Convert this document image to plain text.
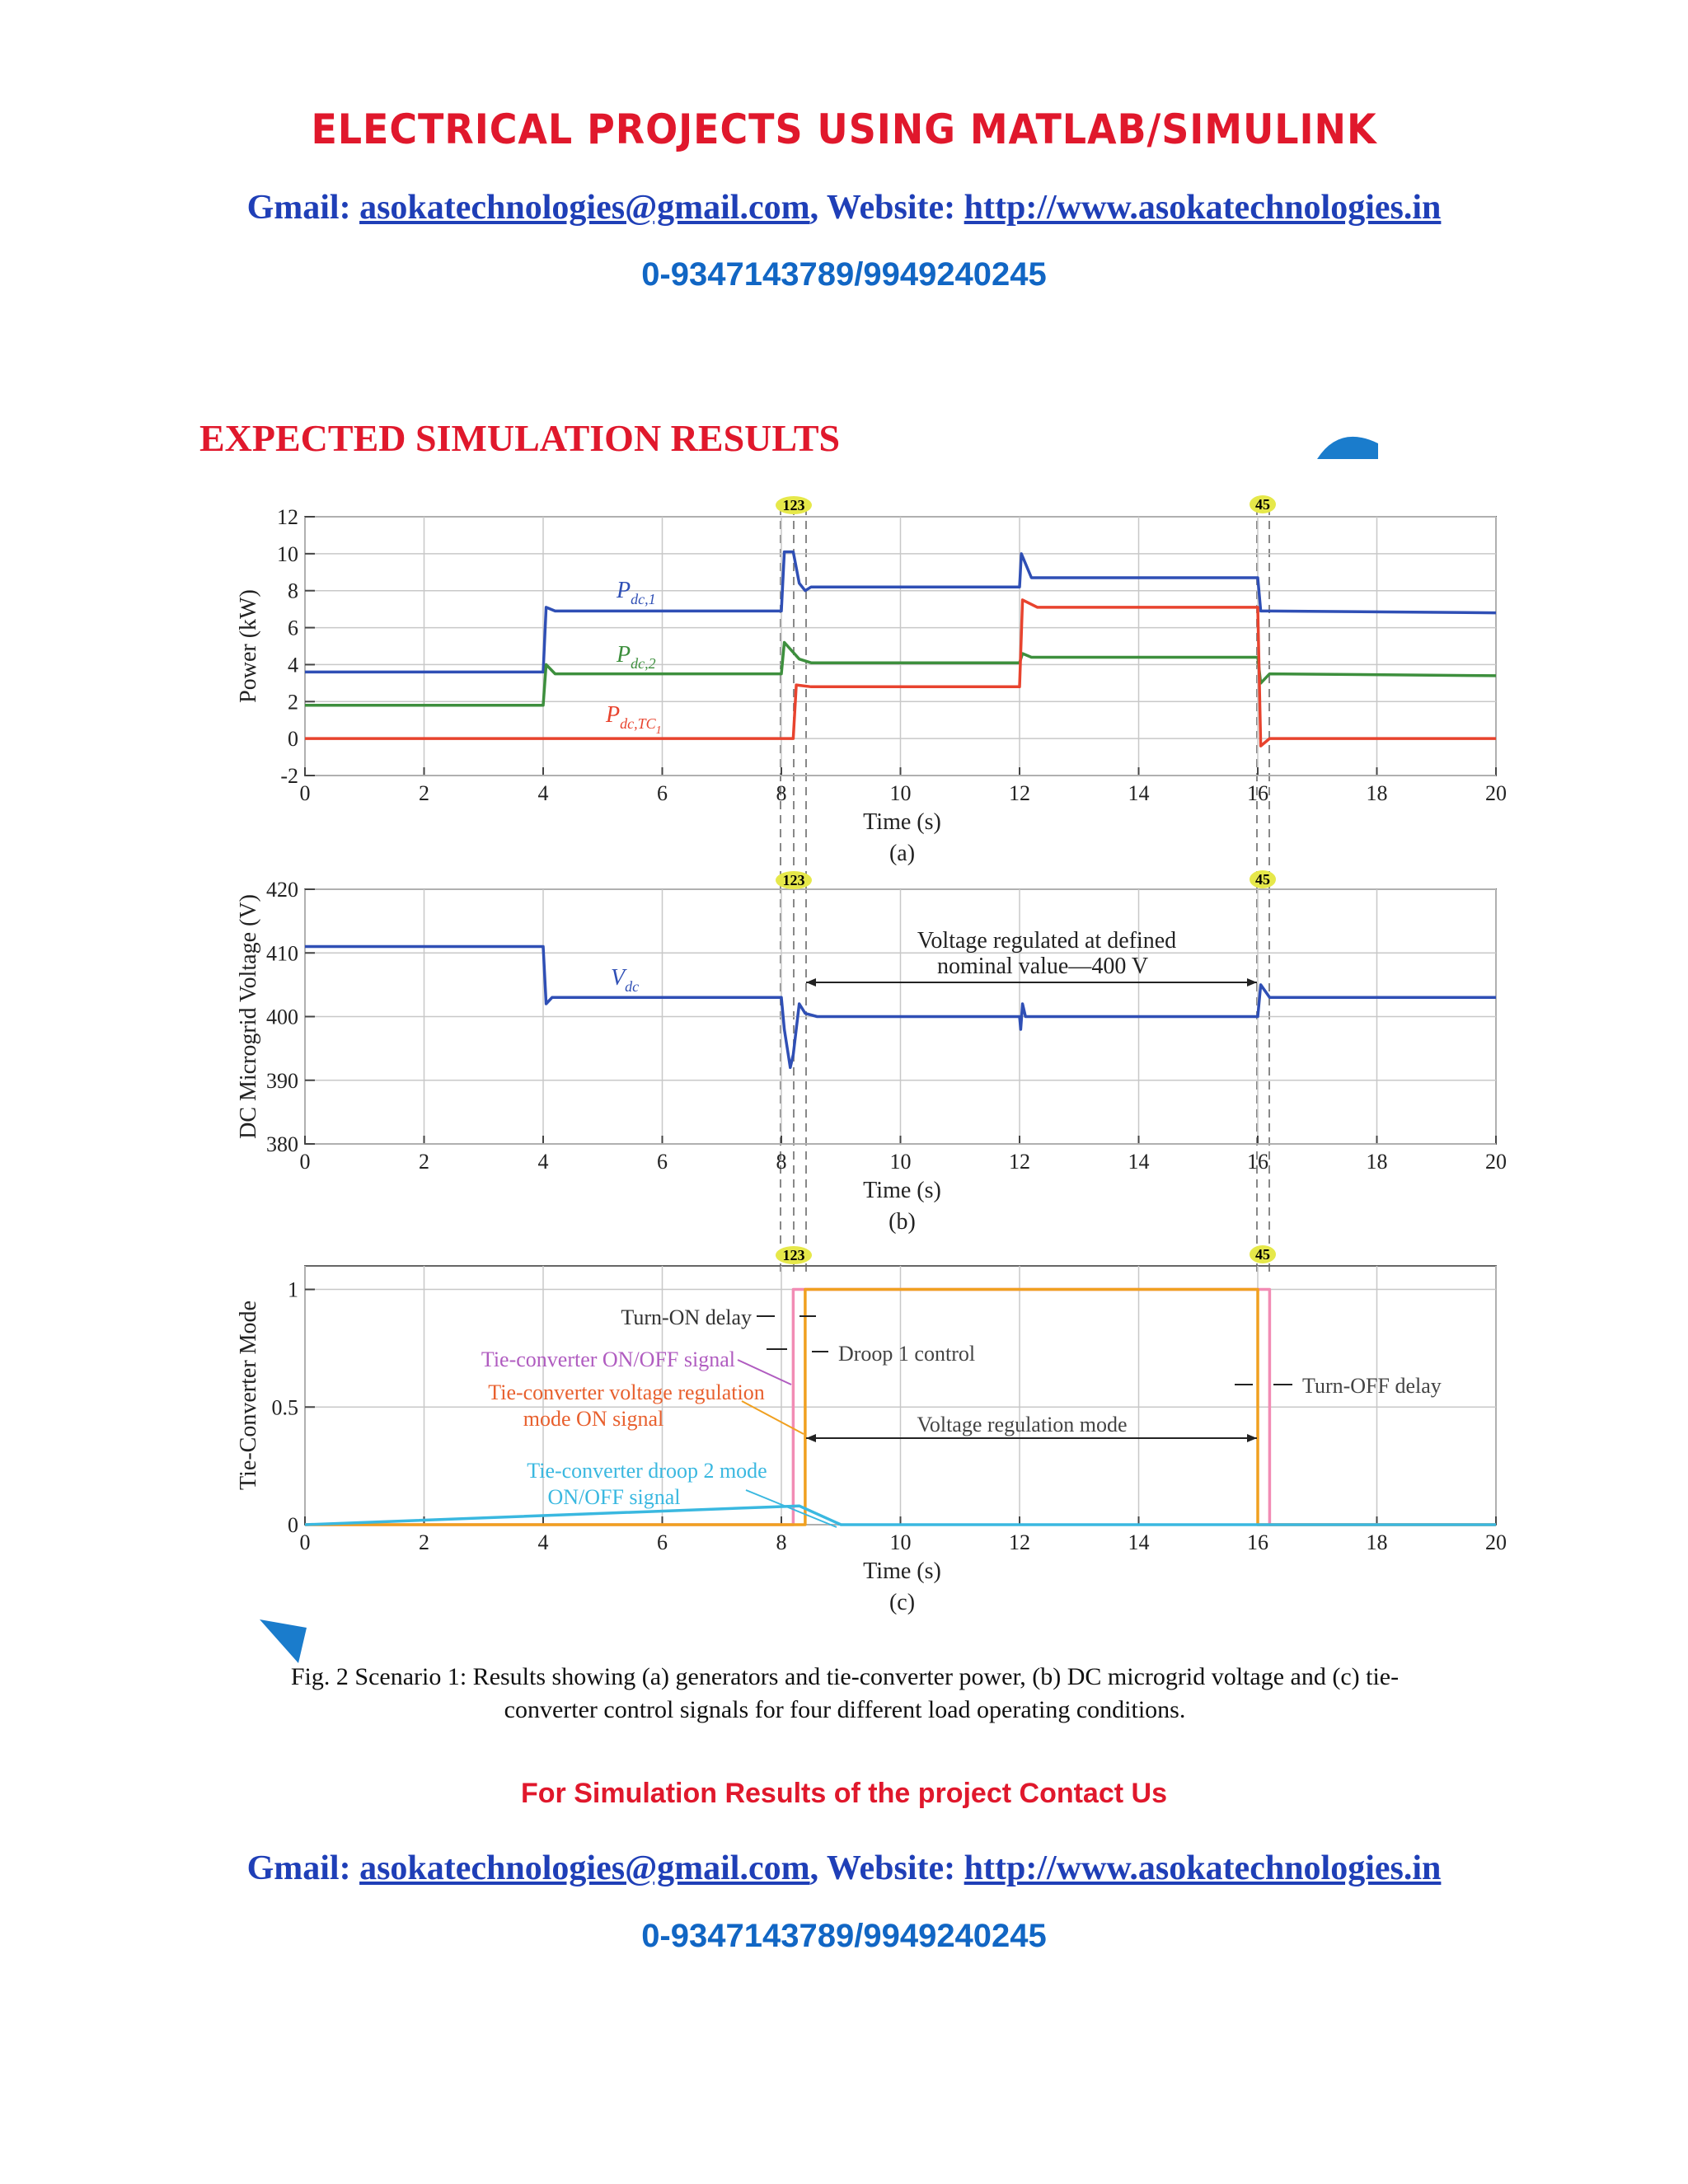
ELECTRICAL PROJECTS USING MATLAB/SIMULINK
Gmail: asokatechnologies@gmail.com, Website: http://www.asokatechnologies.in
0-9347143789/9949240245
EXPECTED SIMULATION RESULTS
0	2	4	6	8	10	12	14	16	18	20
-2
0
2
4
6
8
10
12
Time (s)
(a)
Power (kW)
0	2	4	6	8	10	12	14	16	18	20
380
390
400
410
420
Time (s)
(b)
DC Microgrid Voltage (V)
0	2	4	6	8	10	12	14	16	18	20
0
0.5
1
Time (s)
(c)
Tie-Converter Mode
123	45
123	45
123	45
$P_{dc,1}$
$P_{dc,2}$
$P_{dc,TC1}$
$V_{dc}$
Voltage regulated at defined
nominal value—400 V
Turn-ON delay
Tie-converter ON/OFF signal
Tie-converter voltage regulation
mode ON signal
Droop 1 control
Turn-OFF delay
Voltage regulation mode
Tie-converter droop 2 mode
ON/OFF signal
Fig. 2 Scenario 1: Results showing (a) generators and tie-converter power, (b) DC microgrid voltage and (c) tie-
converter control signals for four different load operating conditions.
For Simulation Results of the project Contact Us
Gmail: asokatechnologies@gmail.com, Website: http://www.asokatechnologies.in
0-9347143789/9949240245
